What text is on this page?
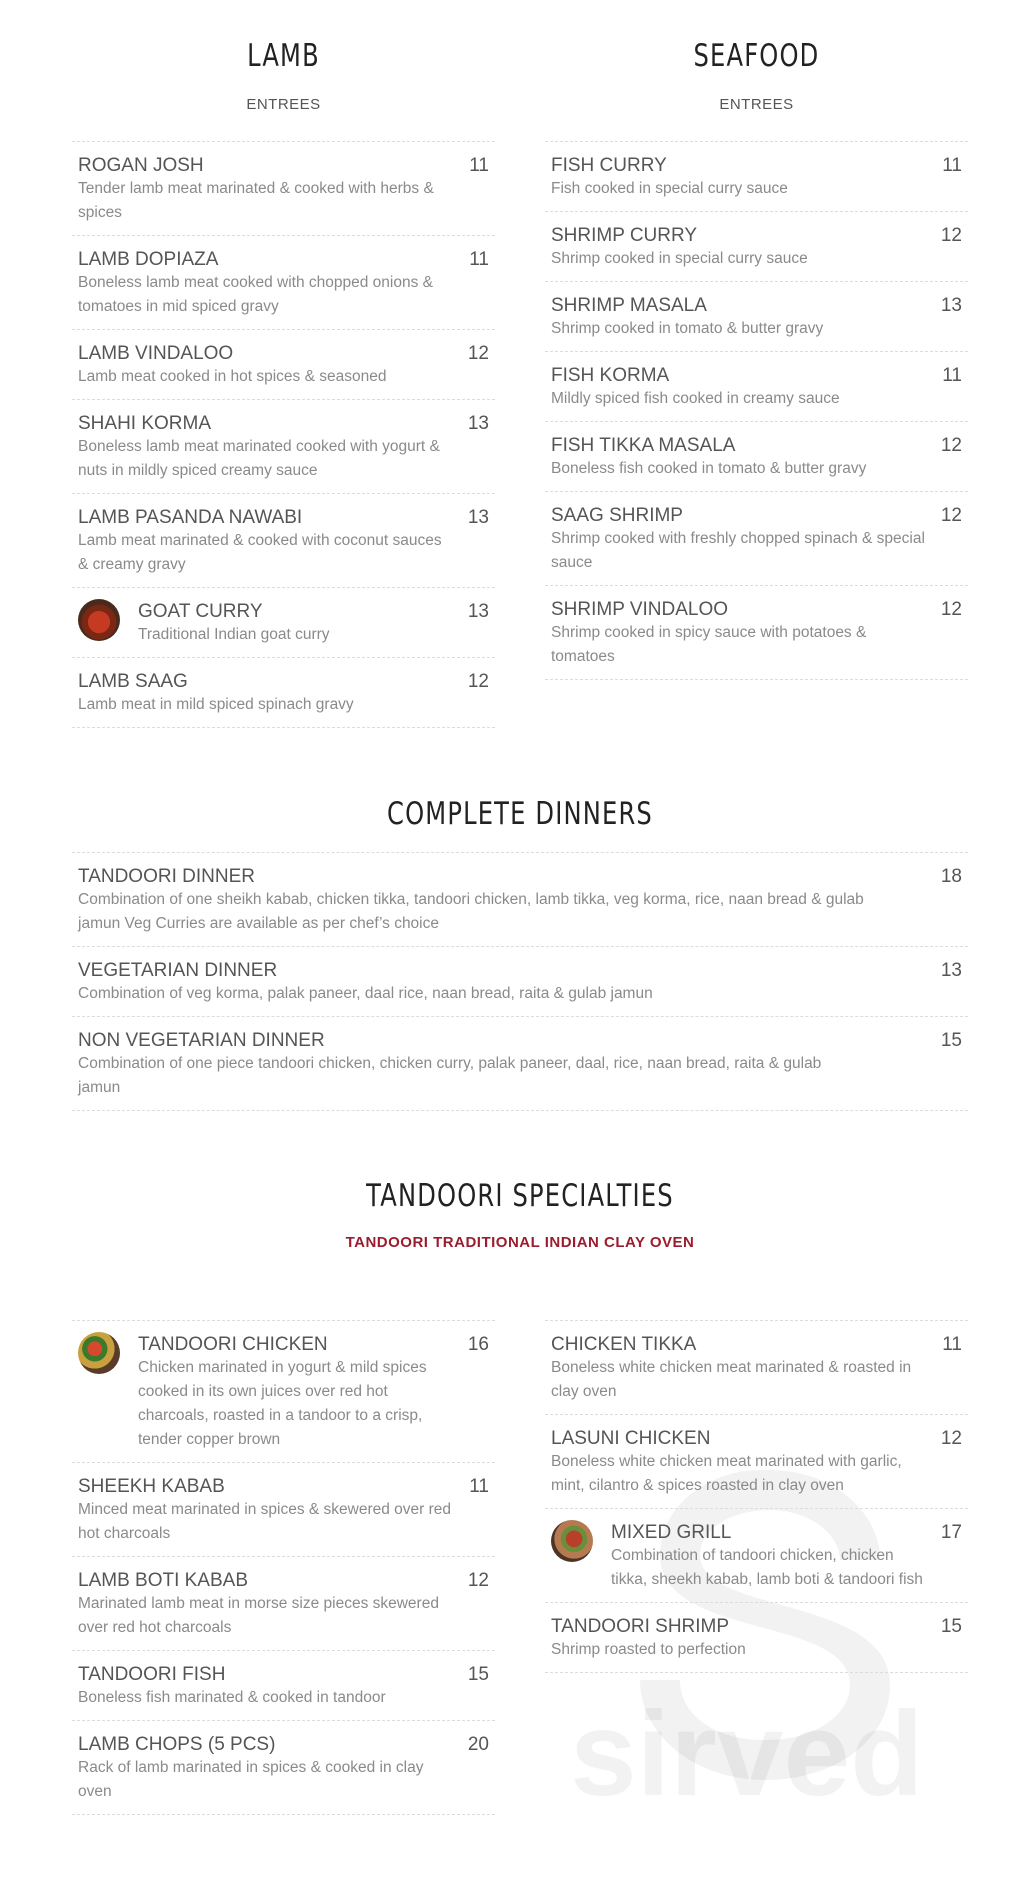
LAMB
ENTREES
ROGAN JOSH
Tender lamb meat marinated & cooked with herbs & spices
11
LAMB DOPIAZA
Boneless lamb meat cooked with chopped onions & tomatoes in mid spiced gravy
11
LAMB VINDALOO
Lamb meat cooked in hot spices & seasoned
12
SHAHI KORMA
Boneless lamb meat marinated cooked with yogurt & nuts in mildly spiced creamy sauce
13
LAMB PASANDA NAWABI
Lamb meat marinated & cooked with coconut sauces & creamy gravy
13
GOAT CURRY
Traditional Indian goat curry
13
LAMB SAAG
Lamb meat in mild spiced spinach gravy
12
SEAFOOD
ENTREES
FISH CURRY
Fish cooked in special curry sauce
11
SHRIMP CURRY
Shrimp cooked in special curry sauce
12
SHRIMP MASALA
Shrimp cooked in tomato & butter gravy
13
FISH KORMA
Mildly spiced fish cooked in creamy sauce
11
FISH TIKKA MASALA
Boneless fish cooked in tomato & butter gravy
12
SAAG SHRIMP
Shrimp cooked with freshly chopped spinach & special sauce
12
SHRIMP VINDALOO
Shrimp cooked in spicy sauce with potatoes & tomatoes
12
COMPLETE DINNERS
TANDOORI DINNER
Combination of one sheikh kabab, chicken tikka, tandoori chicken, lamb tikka, veg korma, rice, naan bread & gulab jamun Veg Curries are available as per chef’s choice
18
VEGETARIAN DINNER
Combination of veg korma, palak paneer, daal rice, naan bread, raita & gulab jamun
13
NON VEGETARIAN DINNER
Combination of one piece tandoori chicken, chicken curry, palak paneer, daal, rice, naan bread, raita & gulab jamun
15
TANDOORI SPECIALTIES
TANDOORI TRADITIONAL INDIAN CLAY OVEN
sirved
TANDOORI CHICKEN
Chicken marinated in yogurt & mild spices cooked in its own juices over red hot charcoals, roasted in a tandoor to a crisp, tender copper brown
16
SHEEKH KABAB
Minced meat marinated in spices & skewered over red hot charcoals
11
LAMB BOTI KABAB
Marinated lamb meat in morse size pieces skewered over red hot charcoals
12
TANDOORI FISH
Boneless fish marinated & cooked in tandoor
15
LAMB CHOPS (5 PCS)
Rack of lamb marinated in spices & cooked in clay oven
20
CHICKEN TIKKA
Boneless white chicken meat marinated & roasted in clay oven
11
LASUNI CHICKEN
Boneless white chicken meat marinated with garlic, mint, cilantro & spices roasted in clay oven
12
MIXED GRILL
Combination of tandoori chicken, chicken tikka, sheekh kabab, lamb boti & tandoori fish
17
TANDOORI SHRIMP
Shrimp roasted to perfection
15
